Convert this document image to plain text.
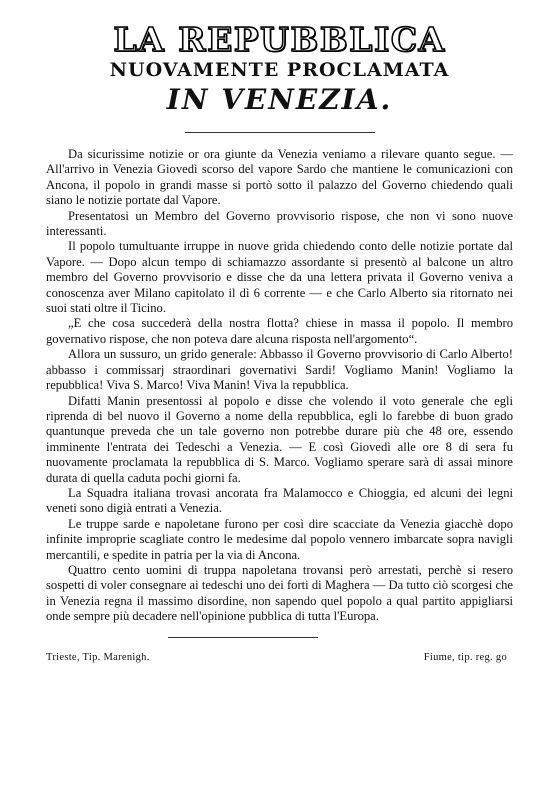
LA REPUBBLICA
NUOVAMENTE PROCLAMATA
IN VENEZIA.

Da sicurissime notizie or ora giunte da Venezia veniamo a rilevare quanto segue. — All'arrivo in Venezia Giovedì scorso del vapore Sardo che mantiene le comunicazioni con Ancona, il popolo in grandi masse si portò sotto il palazzo del Governo chiedendo quali siano le notizie portate dal Vapore.

Presentatosi un Membro del Governo provvisorio rispose, che non vi sono nuove interessanti.

Il popolo tumultuante irruppe in nuove grida chiedendo conto delle notizie portate dal Vapore. — Dopo alcun tempo di schiamazzo assordante si presentò al balcone un altro membro del Governo provvisorio e disse che da una lettera privata il Governo veniva a conoscenza aver Milano capitolato il dì 6 corrente — e che Carlo Alberto sia ritornato nei suoi stati oltre il Ticino.

„E che cosa succederà della nostra flotta? chiese in massa il popolo. Il membro governativo rispose, che non poteva dare alcuna risposta nell'argomento“.

Allora un sussuro, un grido generale: Abbasso il Governo provvisorio di Carlo Alberto! abbasso i commissarj straordinari governativi Sardi! Vogliamo Manin! Vogliamo la repubblica! Viva S. Marco! Viva Manin! Viva la repubblica.

Difatti Manin presentossi al popolo e disse che volendo il voto generale che egli riprenda di bel nuovo il Governo a nome della repubblica, egli lo farebbe di buon grado quantunque preveda che un tale governo non potrebbe durare più che 48 ore, essendo imminente l'entrata dei Tedeschi a Venezia. — E così Giovedì alle ore 8 di sera fu nuovamente proclamata la repubblica di S. Marco. Vogliamo sperare sarà di assai minore durata di quella caduta pochi giorni fa.

La Squadra italiana trovasi ancorata fra Malamocco e Chioggia, ed alcuni dei legni veneti sono digià entrati a Venezia.

Le truppe sarde e napoletane furono per così dire scacciate da Venezia giacchè dopo infinite improprie scagliate contro le medesime dal popolo vennero imbarcate sopra navigli mercantili, e spedite in patria per la via di Ancona.

Quattro cento uomini di truppa napoletana trovansi però arrestati, perchè si resero sospetti di voler consegnare ai tedeschi uno dei forti di Maghera — Da tutto ciò scorgesi che in Venezia regna il massimo disordine, non sapendo quel popolo a qual partito appigliarsi onde sempre più decadere nell'opinione pubblica di tutta l'Europa.

Trieste, Tip. Marenigh.	Fiume, tip. reg. go
